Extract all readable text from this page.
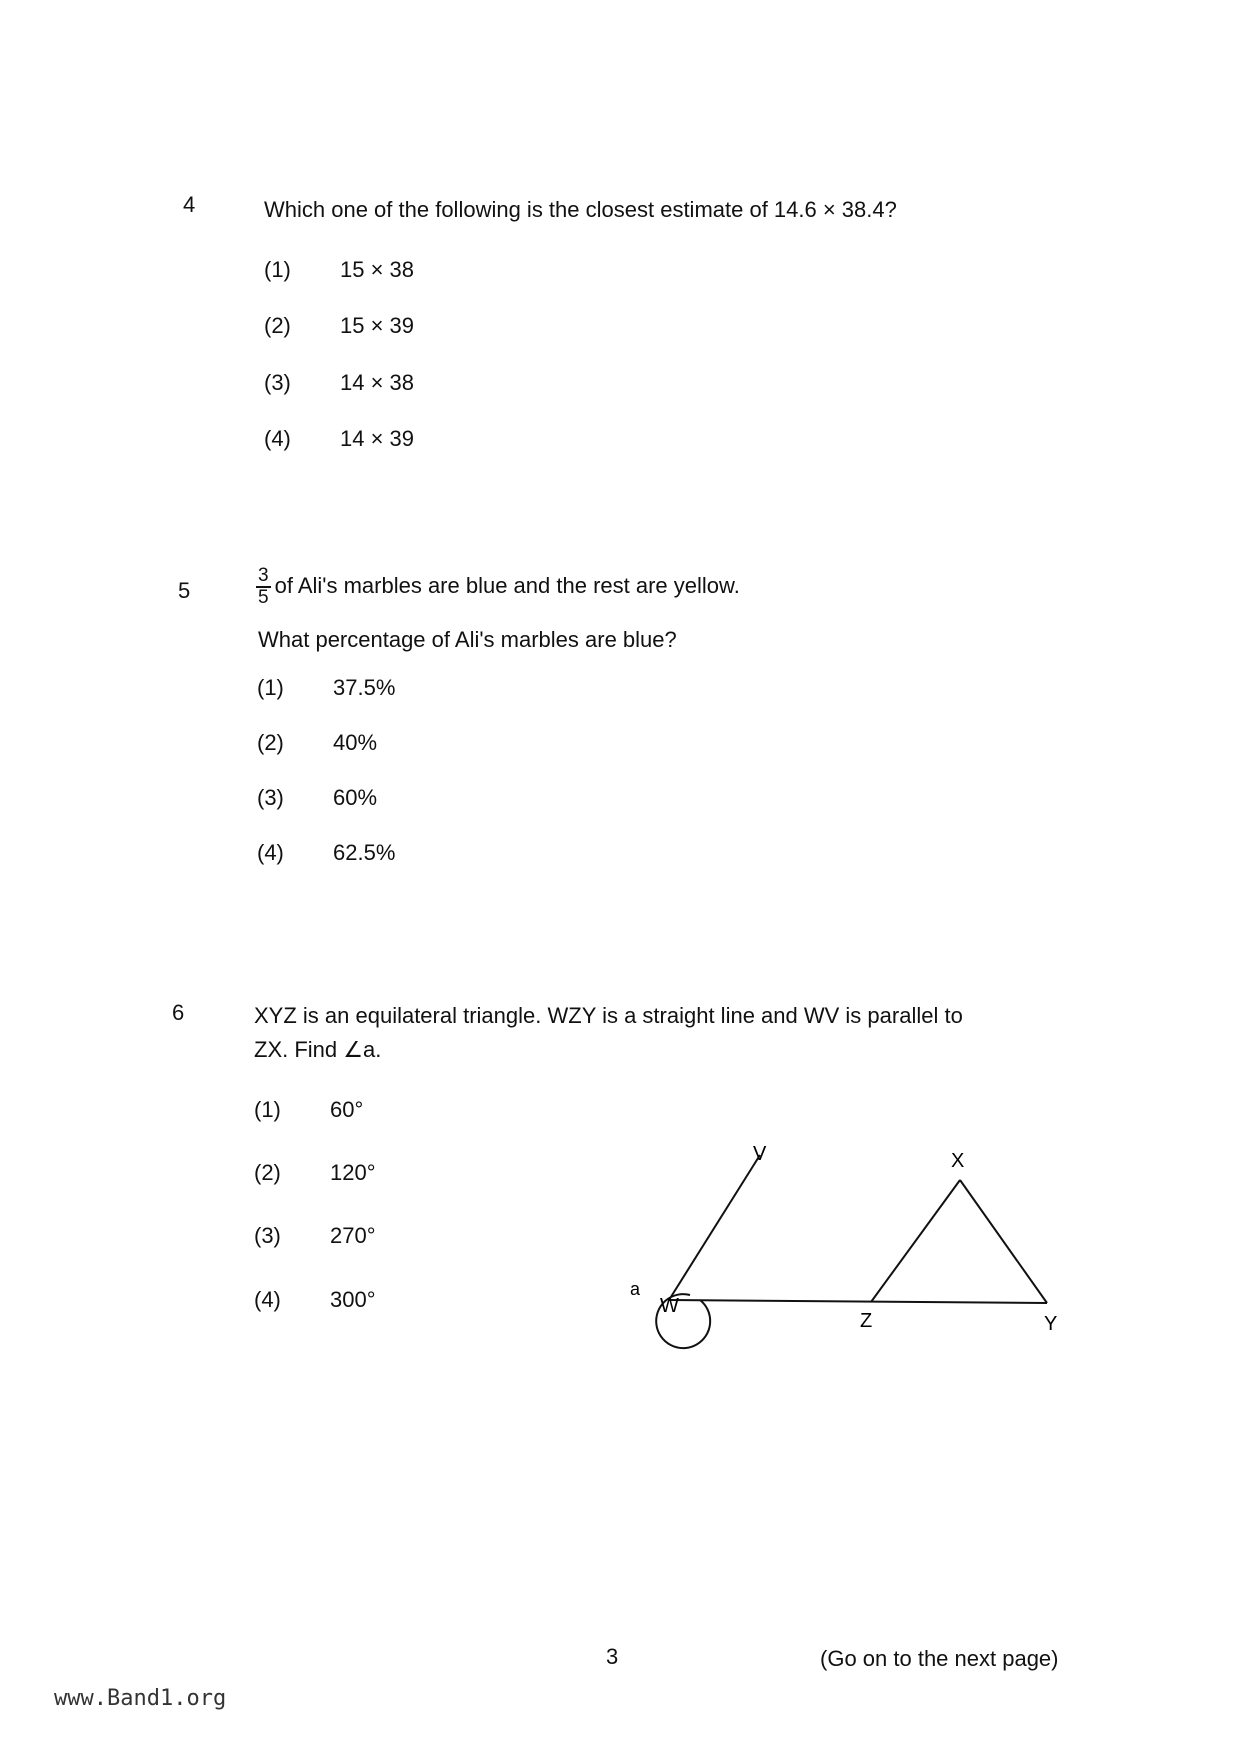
4	Which one of the following is the closest estimate of 14.6 × 38.4?
(1) 15 × 38
(2) 15 × 39
(3) 14 × 38
(4) 14 × 39
5	$\frac{3}{5}$ of Ali's marbles are blue and the rest are yellow.
What percentage of Ali's marbles are blue?
(1) 37.5%
(2) 40%
(3) 60%
(4) 62.5%
6	XYZ is an equilateral triangle. WZY is a straight line and WV is parallel to
ZX. Find ∠a.
(1) 60°
(2) 120°
(3) 270°
(4) 300°
V	X
W
Z	Y
a
3	(Go on to the next page)
www.Band1.org
